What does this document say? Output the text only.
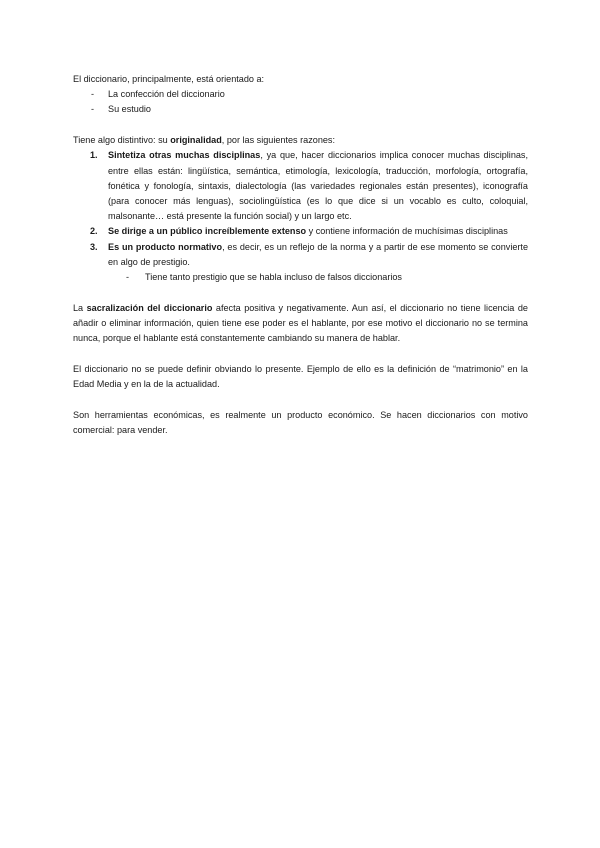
El diccionario, principalmente, está orientado a:

- La confección del diccionario
- Su estudio

Tiene algo distintivo: su originalidad, por las siguientes razones:

1. Sintetiza otras muchas disciplinas, ya que, hacer diccionarios implica conocer muchas disciplinas, entre ellas están: lingüística, semántica, etimología, lexicología, traducción, morfología, ortografía, fonética y fonología, sintaxis, dialectología (las variedades regionales están presentes), iconografía (para conocer más lenguas), sociolingüística (es lo que dice si un vocablo es culto, coloquial, malsonante… está presente la función social) y un largo etc.
2. Se dirige a un público increíblemente extenso y contiene información de muchísimas disciplinas
3. Es un producto normativo, es decir, es un reflejo de la norma y a partir de ese momento se convierte en algo de prestigio.
- Tiene tanto prestigio que se habla incluso de falsos diccionarios

La sacralización del diccionario afecta positiva y negativamente. Aun así, el diccionario no tiene licencia de añadir o eliminar información, quien tiene ese poder es el hablante, por ese motivo el diccionario no se termina nunca, porque el hablante está constantemente cambiando su manera de hablar.

El diccionario no se puede definir obviando lo presente. Ejemplo de ello es la definición de “matrimonio” en la Edad Media y en la de la actualidad.

Son herramientas económicas, es realmente un producto económico. Se hacen diccionarios con motivo comercial: para vender.
